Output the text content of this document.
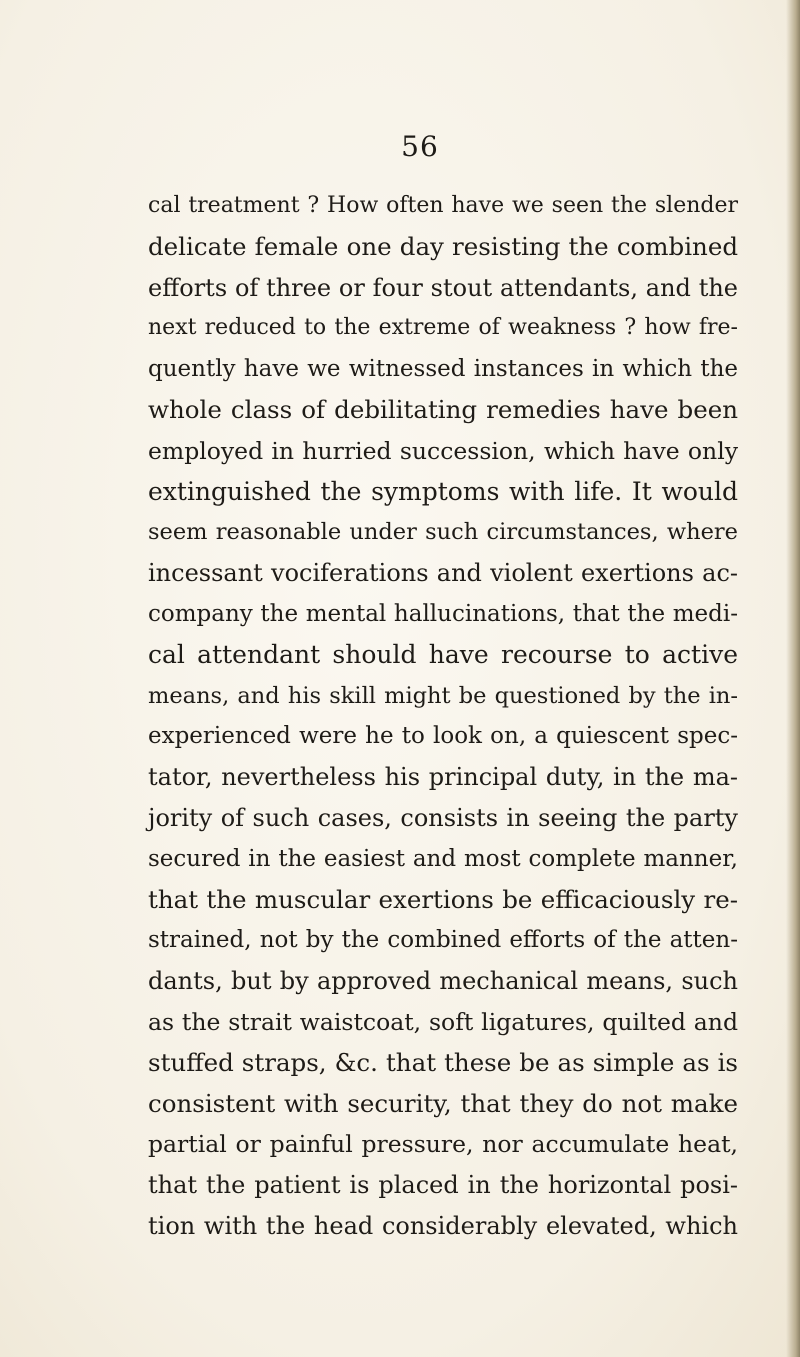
56
cal treatment ? How often have we seen the slender
delicate female one day resisting the combined
efforts of three or four stout attendants, and the
next reduced to the extreme of weakness ? how fre-
quently have we witnessed instances in which the
whole class of debilitating remedies have been
employed in hurried succession, which have only
extinguished the symptoms with life. It would
seem reasonable under such circumstances, where
incessant vociferations and violent exertions ac-
company the mental hallucinations, that the medi-
cal attendant should have recourse to active
means, and his skill might be questioned by the in-
experienced were he to look on, a quiescent spec-
tator, nevertheless his principal duty, in the ma-
jority of such cases, consists in seeing the party
secured in the easiest and most complete manner,
that the muscular exertions be efficaciously re-
strained, not by the combined efforts of the atten-
dants, but by approved mechanical means, such
as the strait waistcoat, soft ligatures, quilted and
stuffed straps, &c. that these be as simple as is
consistent with security, that they do not make
partial or painful pressure, nor accumulate heat,
that the patient is placed in the horizontal posi-
tion with the head considerably elevated, which
